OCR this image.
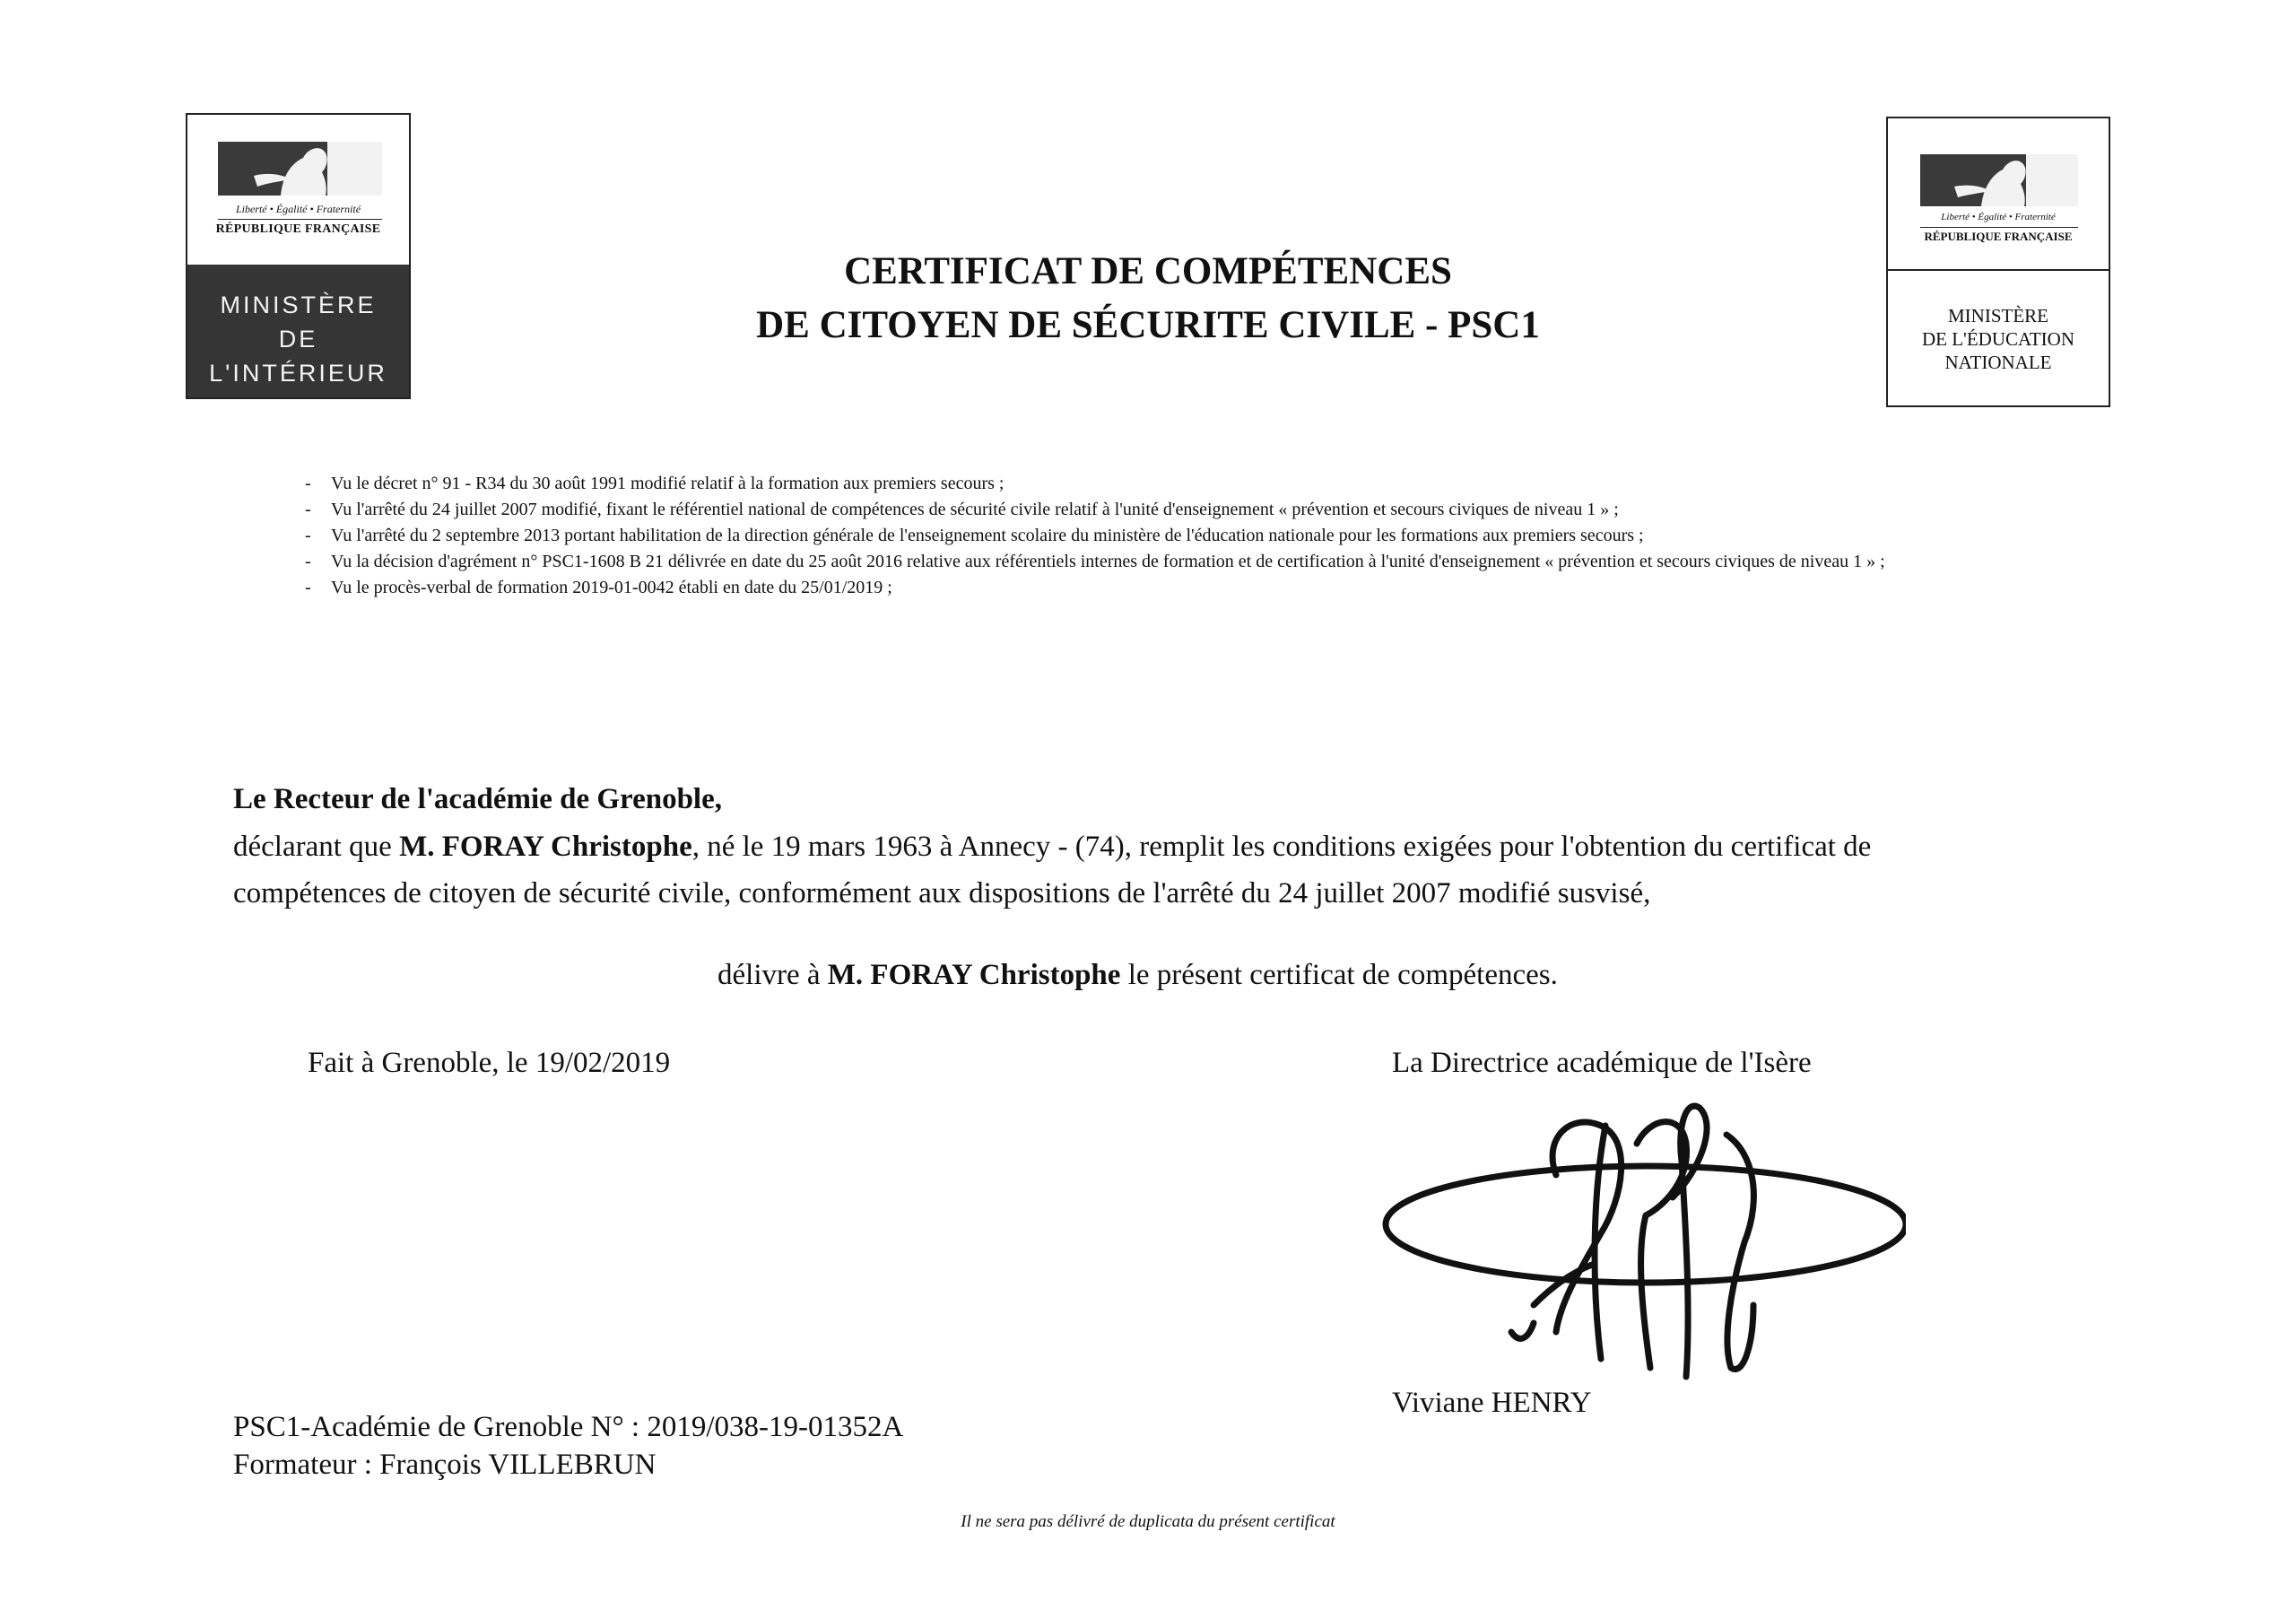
Liberté • Égalité • Fraternité
RÉPUBLIQUE FRANÇAISE
MINISTÈRE
DE
L'INTÉRIEUR
Liberté • Égalité • Fraternité
RÉPUBLIQUE FRANÇAISE
MINISTÈRE
DE L'ÉDUCATION
NATIONALE
CERTIFICAT DE COMPÉTENCES
DE CITOYEN DE SÉCURITE CIVILE - PSC1
- Vu le décret n° 91 - R34 du 30 août 1991 modifié relatif à la formation aux premiers secours ;
- Vu l'arrêté du 24 juillet 2007 modifié, fixant le référentiel national de compétences de sécurité civile relatif à l'unité d'enseignement « prévention et secours civiques de niveau 1 » ;
- Vu l'arrêté du 2 septembre 2013 portant habilitation de la direction générale de l'enseignement scolaire du ministère de l'éducation nationale pour les formations aux premiers secours ;
- Vu la décision d'agrément n° PSC1-1608 B 21 délivrée en date du 25 août 2016 relative aux référentiels internes de formation et de certification à l'unité d'enseignement « prévention et secours civiques de niveau 1 » ;
- Vu le procès-verbal de formation 2019-01-0042 établi en date du 25/01/2019 ;
Le Recteur de l'académie de Grenoble,
déclarant que M. FORAY Christophe, né le 19 mars 1963 à Annecy - (74), remplit les conditions exigées pour l'obtention du certificat de
compétences de citoyen de sécurité civile, conformément aux dispositions de l'arrêté du 24 juillet 2007 modifié susvisé,
délivre à M. FORAY Christophe le présent certificat de compétences.
Fait à Grenoble, le 19/02/2019	La Directrice académique de l'Isère
Viviane HENRY
PSC1-Académie de Grenoble N° : 2019/038-19-01352A
Formateur : François VILLEBRUN
Il ne sera pas délivré de duplicata du présent certificat
